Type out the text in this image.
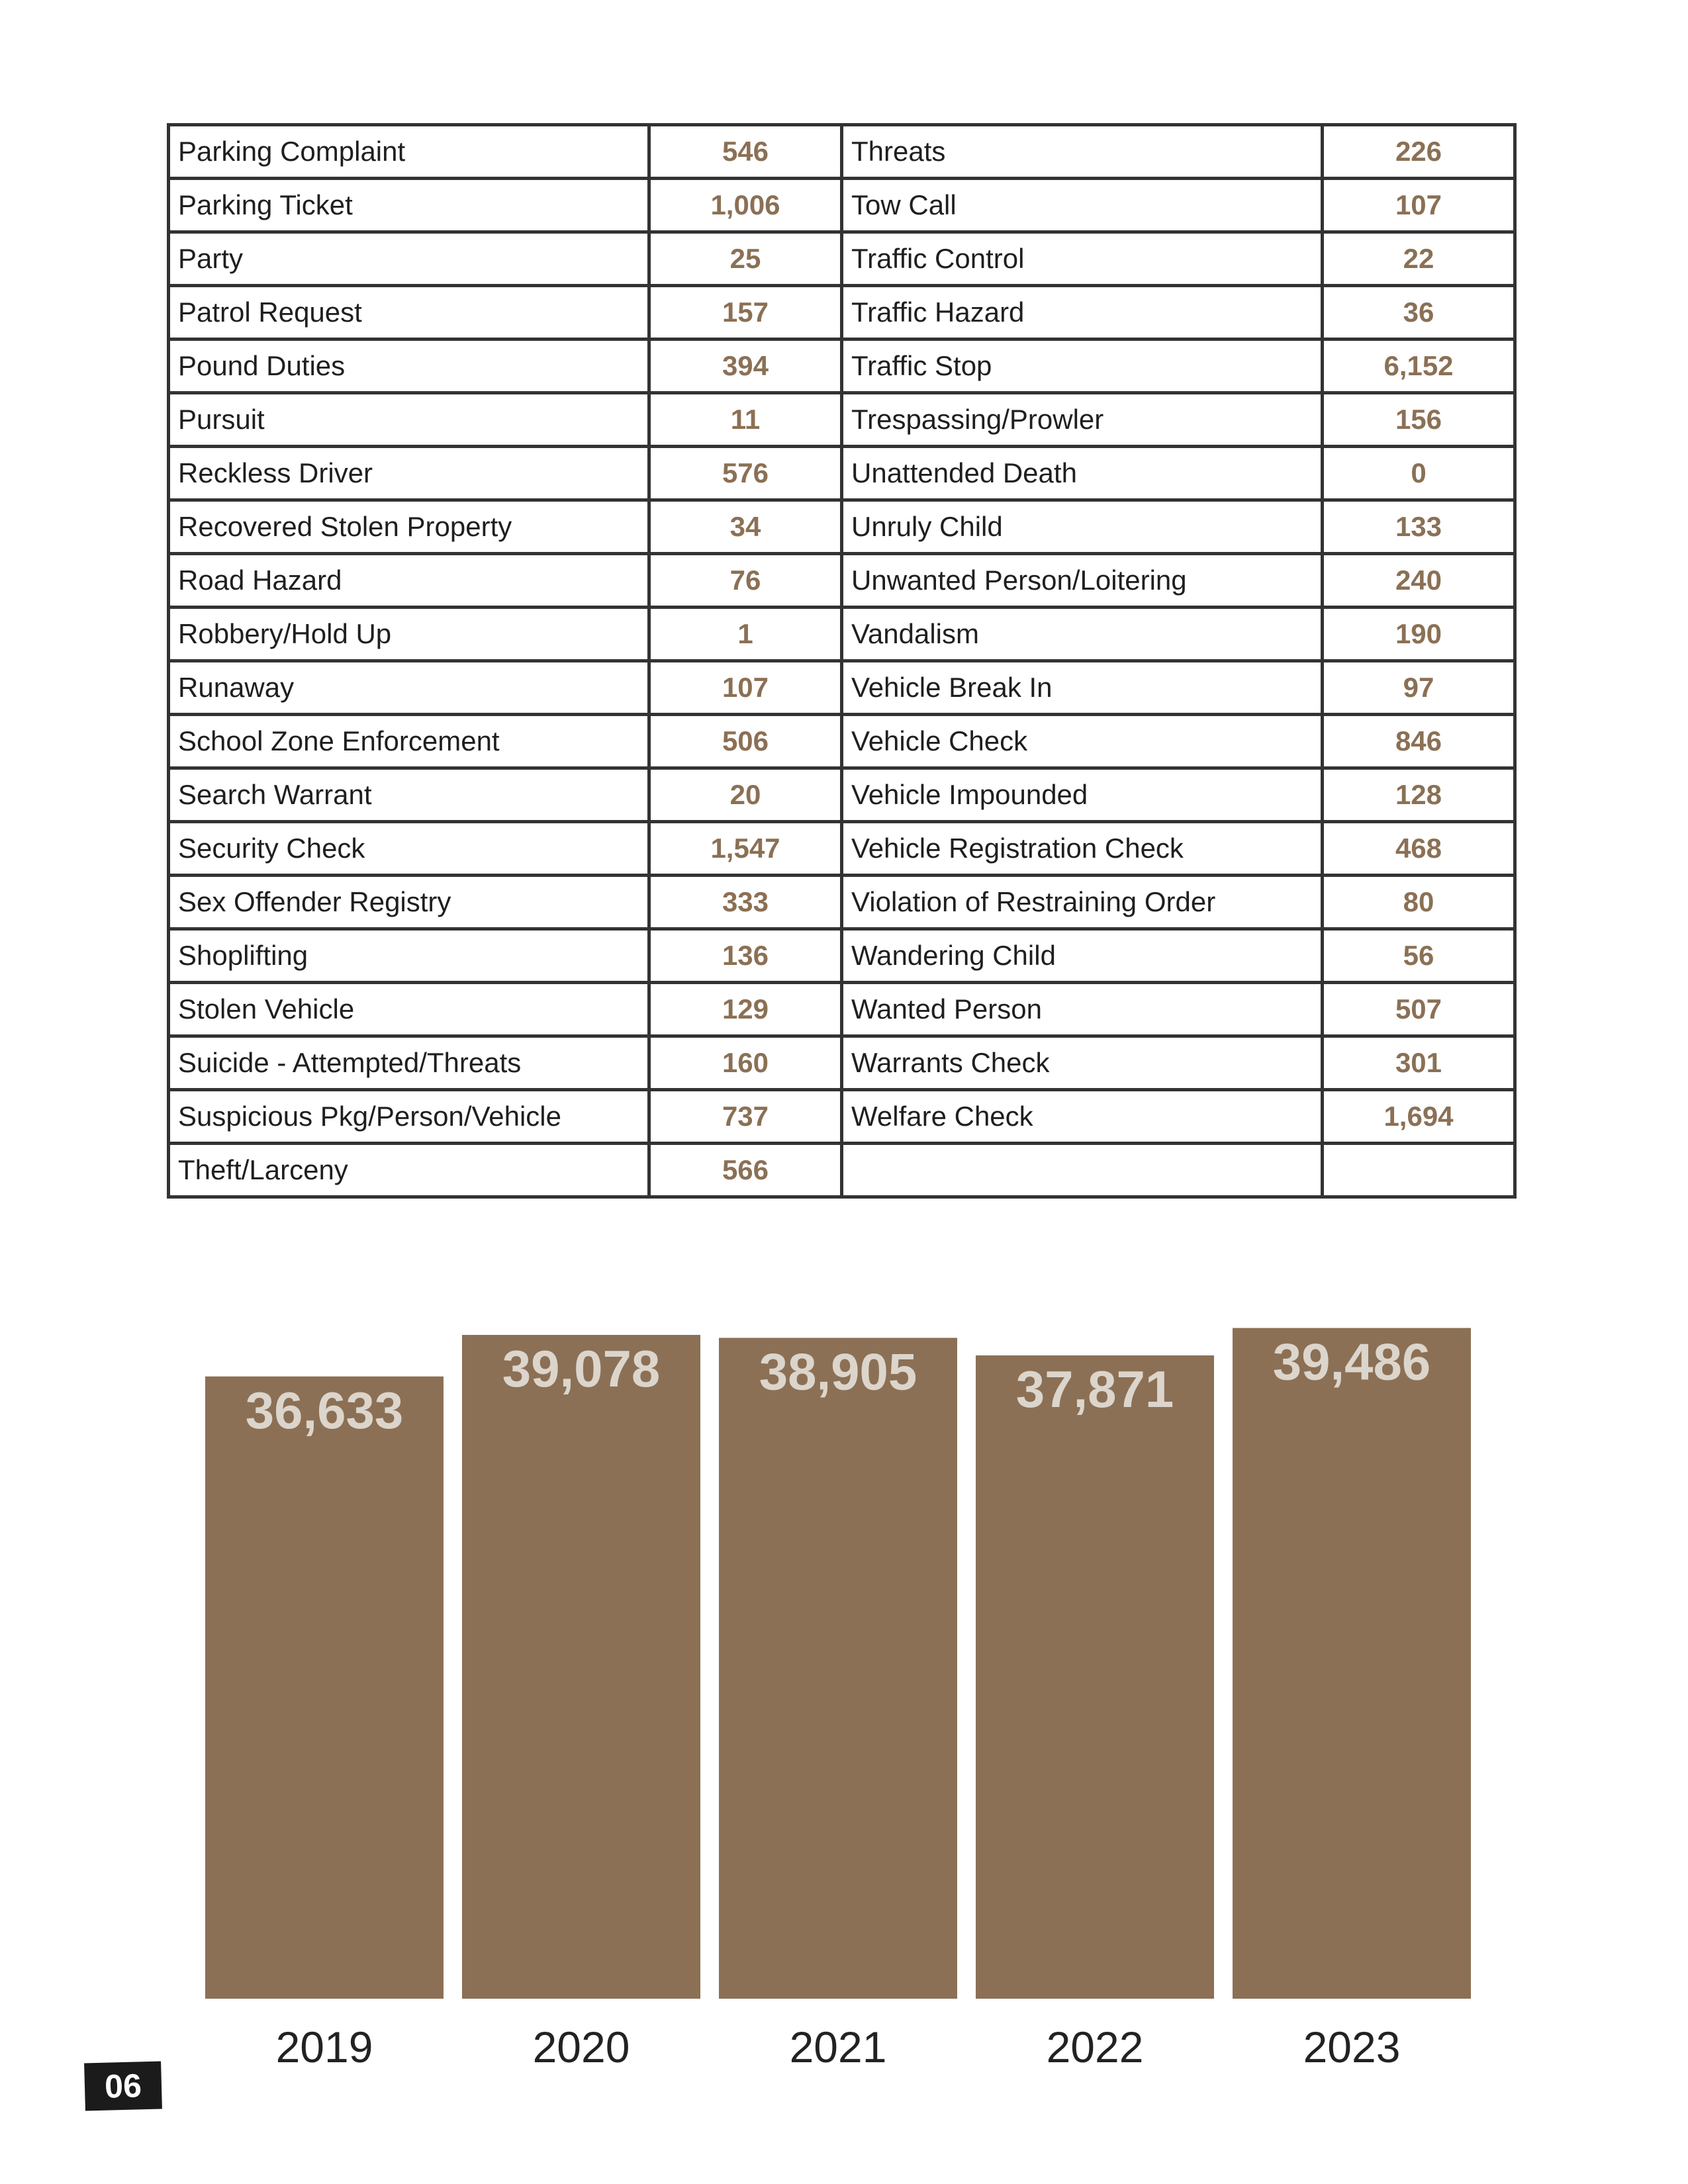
Parking Complaint	546	Threats	226
Parking Ticket	1,006	Tow Call	107
Party	25	Traffic Control	22
Patrol Request	157	Traffic Hazard	36
Pound Duties	394	Traffic Stop	6,152
Pursuit	11	Trespassing/Prowler	156
Reckless Driver	576	Unattended Death	0
Recovered Stolen Property	34	Unruly Child	133
Road Hazard	76	Unwanted Person/Loitering	240
Robbery/Hold Up	1	Vandalism	190
Runaway	107	Vehicle Break In	97
School Zone Enforcement	506	Vehicle Check	846
Search Warrant	20	Vehicle Impounded	128
Security Check	1,547	Vehicle Registration Check	468
Sex Offender Registry	333	Violation of Restraining Order	80
Shoplifting	136	Wandering Child	56
Stolen Vehicle	129	Wanted Person	507
Suicide - Attempted/Threats	160	Warrants Check	301
Suspicious Pkg/Person/Vehicle	737	Welfare Check	1,694
Theft/Larceny	566		
36,633
2019
39,078
2020
38,905
2021
37,871
2022
39,486
2023
06
